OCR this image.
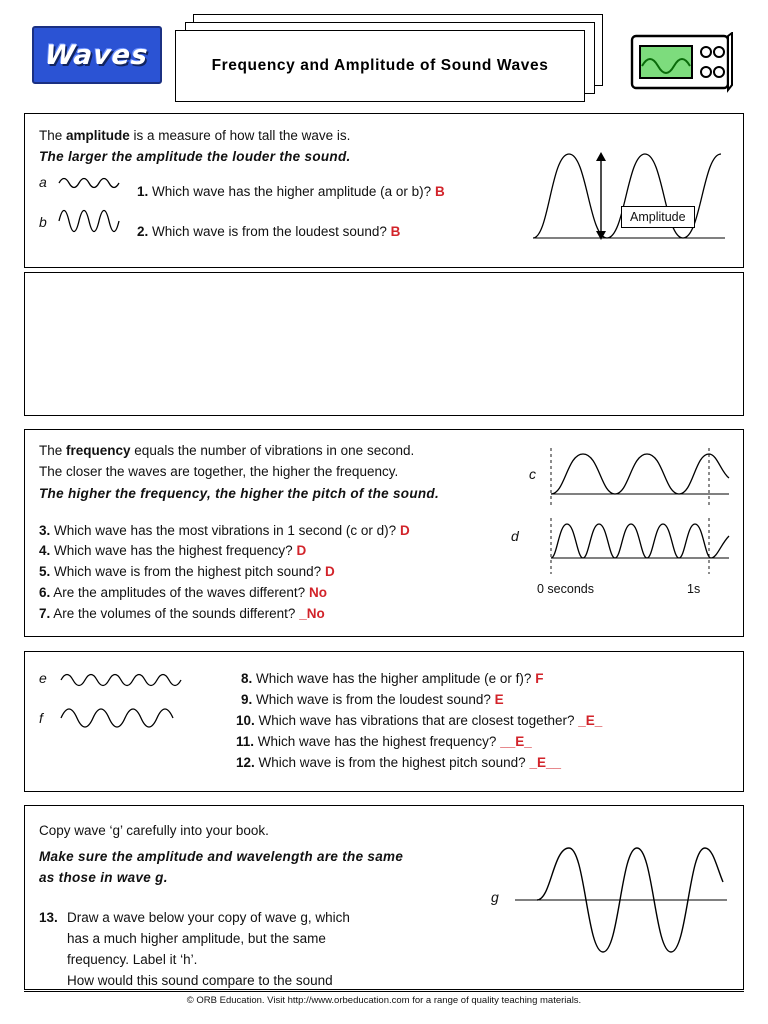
Waves	Frequency and Amplitude of Sound Waves
The amplitude is a measure of how tall the wave is.
The larger the amplitude the louder the sound.
a
b
1. Which wave has the higher amplitude (a or b)? B
2. Which wave is from the loudest sound? B
Amplitude
The frequency equals the number of vibrations in one second.
The closer the waves are together, the higher the frequency.
The higher the frequency, the higher the pitch of the sound.
3. Which wave has the most vibrations in 1 second (c or d)? D
4. Which wave has the highest frequency? D
5. Which wave is from the highest pitch sound? D
6. Are the amplitudes of the waves different? No
7. Are the volumes of the sounds different? _No
c
d
0 seconds	1s
e
f
8. Which wave has the higher amplitude (e or f)? F
9. Which wave is from the loudest sound? E
10. Which wave has vibrations that are closest together? _E_
11. Which wave has the highest frequency? __E_
12. Which wave is from the highest pitch sound? _E__
Copy wave ‘g’ carefully into your book.
Make sure the amplitude and wavelength are the same
as those in wave g.
13. Draw a wave below your copy of wave g, which
has a much higher amplitude, but the same
frequency. Label it ‘h’.
How would this sound compare to the sound
g
© ORB Education. Visit http://www.orbeducation.com for a range of quality teaching materials.
